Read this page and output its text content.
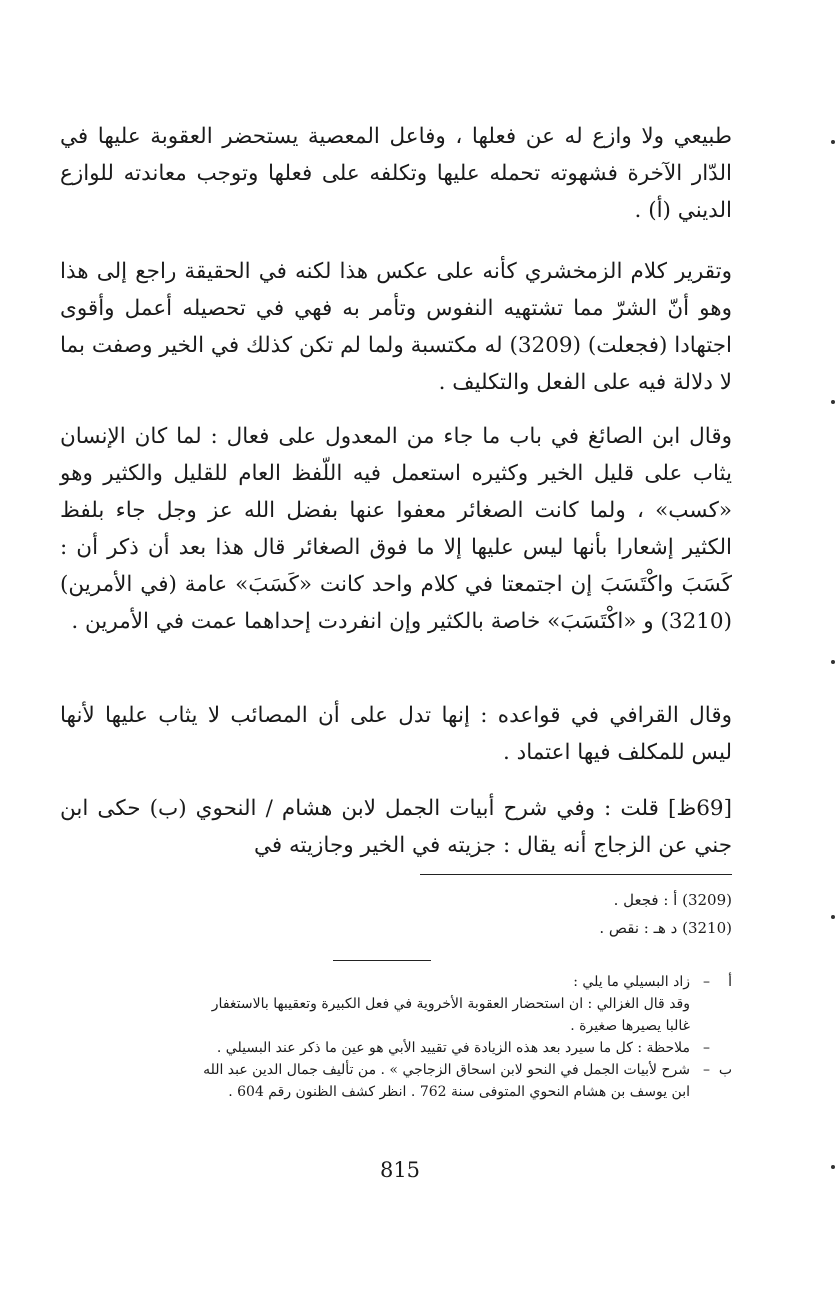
طبيعي ولا وازع له عن فعلها ، وفاعل المعصية يستحضر العقوبة عليها في الدّار الآخرة فشهوته تحمله عليها وتكلفه على فعلها وتوجب معاندته للوازع الديني (أ) .

وتقرير كلام الزمخشري كأنه على عكس هذا لكنه في الحقيقة راجع إلى هذا وهو أنّ الشرّ مما تشتهيه النفوس وتأمر به فهي في تحصيله أعمل وأقوى اجتهادا (فجعلت) (3209) له مكتسبة ولما لم تكن كذلك في الخير وصفت بما لا دلالة فيه على الفعل والتكليف .

وقال ابن الصائغ في باب ما جاء من المعدول على فعال : لما كان الإنسان يثاب على قليل الخير وكثيره استعمل فيه اللّفظ العام للقليل والكثير وهو «كسب» ، ولما كانت الصغائر معفوا عنها بفضل الله عز وجل جاء بلفظ الكثير إشعارا بأنها ليس عليها إلا ما فوق الصغائر قال هذا بعد أن ذكر أن : كَسَبَ واكْتَسَبَ إن اجتمعتا في كلام واحد كانت «كَسَبَ» عامة (في الأمرين) (3210) و «اكْتَسَبَ» خاصة بالكثير وإن انفردت إحداهما عمت في الأمرين .

وقال القرافي في قواعده : إنها تدل على أن المصائب لا يثاب عليها لأنها ليس للمكلف فيها اعتماد .

[69ظ] قلت : وفي شرح أبيات الجمل لابن هشام / النحوي (ب) حكى ابن جني عن الزجاج أنه يقال : جزيته في الخير وجازيته في

(3209) أ : فجعل .
(3210) د هـ : نقص .
أ
–
زاد البسيلي ما يلي :
وقد قال الغزالي : ان استحضار العقوبة الأخروية في فعل الكبيرة وتعقيبها بالاستغفار
غالبا يصيرها صغيرة .
–
ملاحظة : كل ما سيرد بعد هذه الزيادة في تقييد الأبي هو عين ما ذكر عند البسيلي .
ب
–
شرح لأبيات الجمل في النحو لابن اسحاق الزجاجي » . من تأليف جمال الدين عبد الله
ابن يوسف بن هشام النحوي المتوفى سنة 762 . انظر كشف الظنون رقم 604 .
815
